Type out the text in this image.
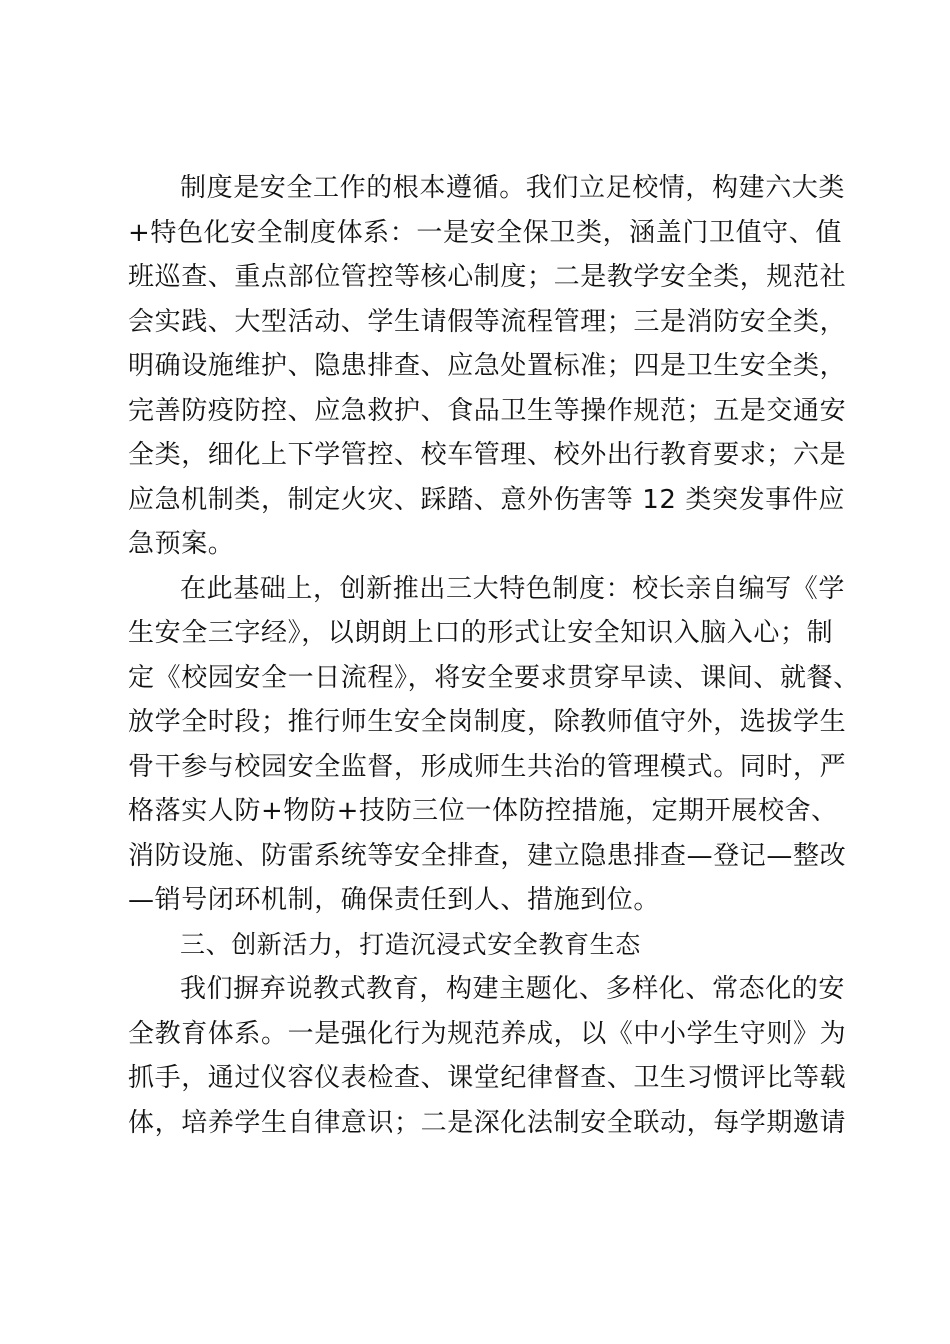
制度是安全工作的根本遵循。我们立足校情，构建六大类
+特色化安全制度体系：一是安全保卫类，涵盖门卫值守、值
班巡查、重点部位管控等核心制度；二是教学安全类，规范社
会实践、大型活动、学生请假等流程管理；三是消防安全类，
明确设施维护、隐患排查、应急处置标准；四是卫生安全类，
完善防疫防控、应急救护、食品卫生等操作规范；五是交通安
全类，细化上下学管控、校车管理、校外出行教育要求；六是
应急机制类，制定火灾、踩踏、意外伤害等 12 类突发事件应
急预案。
在此基础上，创新推出三大特色制度：校长亲自编写《学
生安全三字经》，以朗朗上口的形式让安全知识入脑入心；制
定《校园安全一日流程》，将安全要求贯穿早读、课间、就餐、
放学全时段；推行师生安全岗制度，除教师值守外，选拔学生
骨干参与校园安全监督，形成师生共治的管理模式。同时，严
格落实人防+物防+技防三位一体防控措施，定期开展校舍、
消防设施、防雷系统等安全排查，建立隐患排查—登记—整改
—销号闭环机制，确保责任到人、措施到位。
三、创新活力，打造沉浸式安全教育生态
我们摒弃说教式教育，构建主题化、多样化、常态化的安
全教育体系。一是强化行为规范养成，以《中小学生守则》为
抓手，通过仪容仪表检查、课堂纪律督查、卫生习惯评比等载
体，培养学生自律意识；二是深化法制安全联动，每学期邀请
